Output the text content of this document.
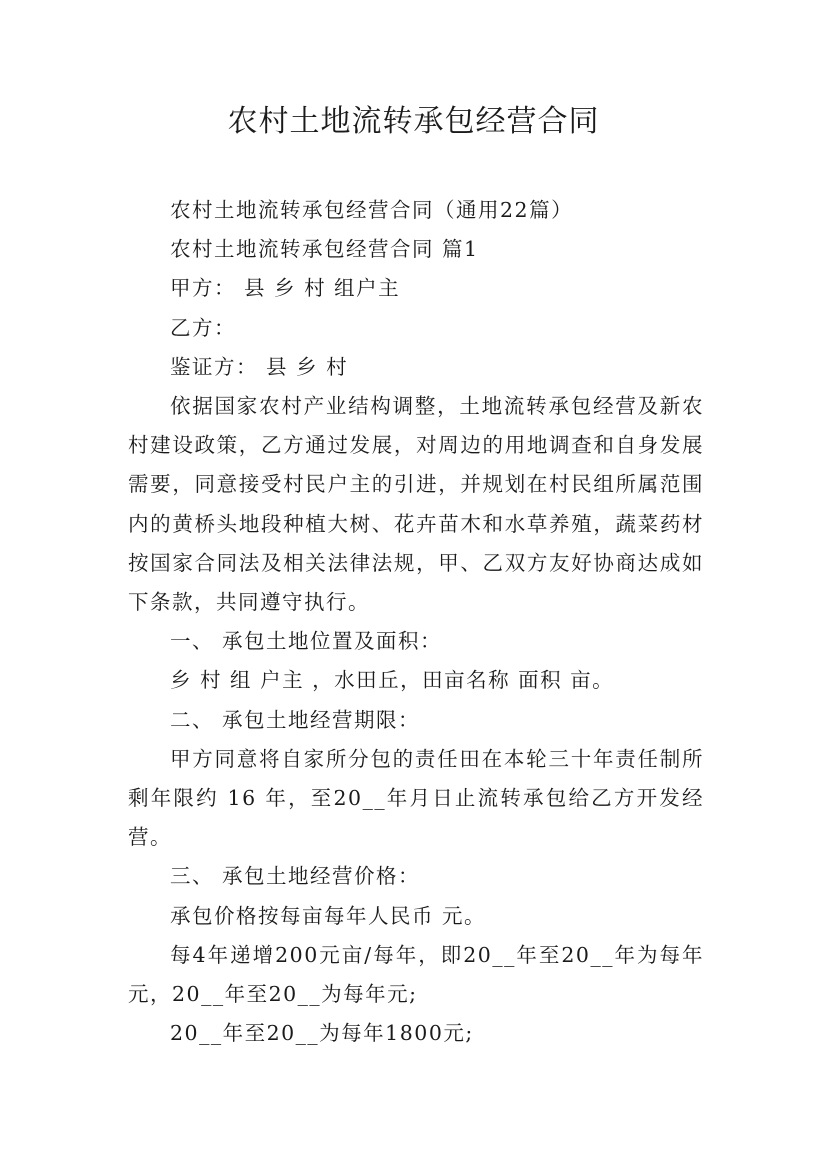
农村土地流转承包经营合同

农村土地流转承包经营合同（通用22篇）

农村土地流转承包经营合同 篇1

甲方： 县 乡 村 组户主

乙方：

鉴证方： 县 乡 村

依据国家农村产业结构调整，土地流转承包经营及新农村建设政策，乙方通过发展，对周边的用地调查和自身发展需要，同意接受村民户主的引进，并规划在村民组所属范围内的黄桥头地段种植大树、花卉苗木和水草养殖，蔬菜药材按国家合同法及相关法律法规，甲、乙双方友好协商达成如下条款，共同遵守执行。

一、 承包土地位置及面积：

乡 村 组 户主 ，水田丘，田亩名称 面积 亩。

二、 承包土地经营期限：

甲方同意将自家所分包的责任田在本轮三十年责任制所剩年限约 16 年，至20__年月日止流转承包给乙方开发经营。

三、 承包土地经营价格：

承包价格按每亩每年人民币 元。

每4年递增200元亩/每年，即20__年至20__年为每年元，20__年至20__为每年元;

20__年至20__为每年1800元;
